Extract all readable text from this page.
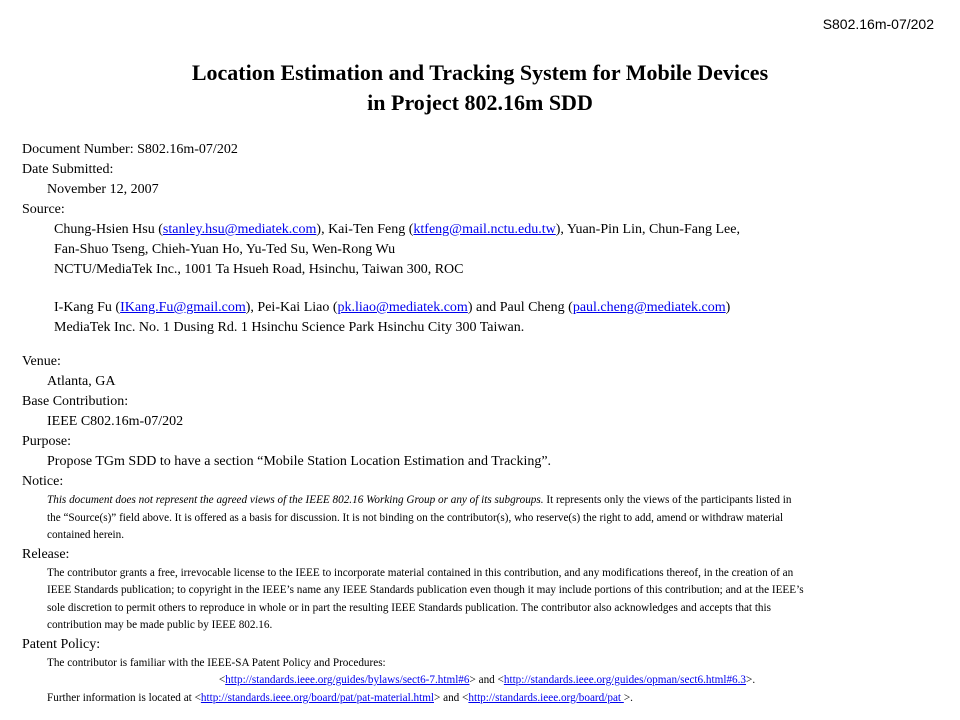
S802.16m-07/202
Location Estimation and Tracking System for Mobile Devices
in Project 802.16m SDD
Document Number: S802.16m-07/202
Date Submitted:
November 12, 2007
Source:
Chung-Hsien Hsu (stanley.hsu@mediatek.com), Kai-Ten Feng (ktfeng@mail.nctu.edu.tw), Yuan-Pin Lin, Chun-Fang Lee,
Fan-Shuo Tseng, Chieh-Yuan Ho, Yu-Ted Su, Wen-Rong Wu
NCTU/MediaTek Inc., 1001 Ta Hsueh Road, Hsinchu, Taiwan 300, ROC
I-Kang Fu (IKang.Fu@gmail.com), Pei-Kai Liao (pk.liao@mediatek.com) and Paul Cheng (paul.cheng@mediatek.com)
MediaTek Inc. No. 1 Dusing Rd. 1 Hsinchu Science Park Hsinchu City 300 Taiwan.
Venue:
Atlanta, GA
Base Contribution:
IEEE C802.16m-07/202
Purpose:
Propose TGm SDD to have a section “Mobile Station Location Estimation and Tracking”.
Notice:
This document does not represent the agreed views of the IEEE 802.16 Working Group or any of its subgroups. It represents only the views of the participants listed in
the “Source(s)” field above. It is offered as a basis for discussion. It is not binding on the contributor(s), who reserve(s) the right to add, amend or withdraw material
contained herein.
Release:
The contributor grants a free, irrevocable license to the IEEE to incorporate material contained in this contribution, and any modifications thereof, in the creation of an
IEEE Standards publication; to copyright in the IEEE’s name any IEEE Standards publication even though it may include portions of this contribution; and at the IEEE’s
sole discretion to permit others to reproduce in whole or in part the resulting IEEE Standards publication. The contributor also acknowledges and accepts that this
contribution may be made public by IEEE 802.16.
Patent Policy:
The contributor is familiar with the IEEE-SA Patent Policy and Procedures:
<http://standards.ieee.org/guides/bylaws/sect6-7.html#6> and <http://standards.ieee.org/guides/opman/sect6.html#6.3>.
Further information is located at <http://standards.ieee.org/board/pat/pat-material.html> and <http://standards.ieee.org/board/pat >.
